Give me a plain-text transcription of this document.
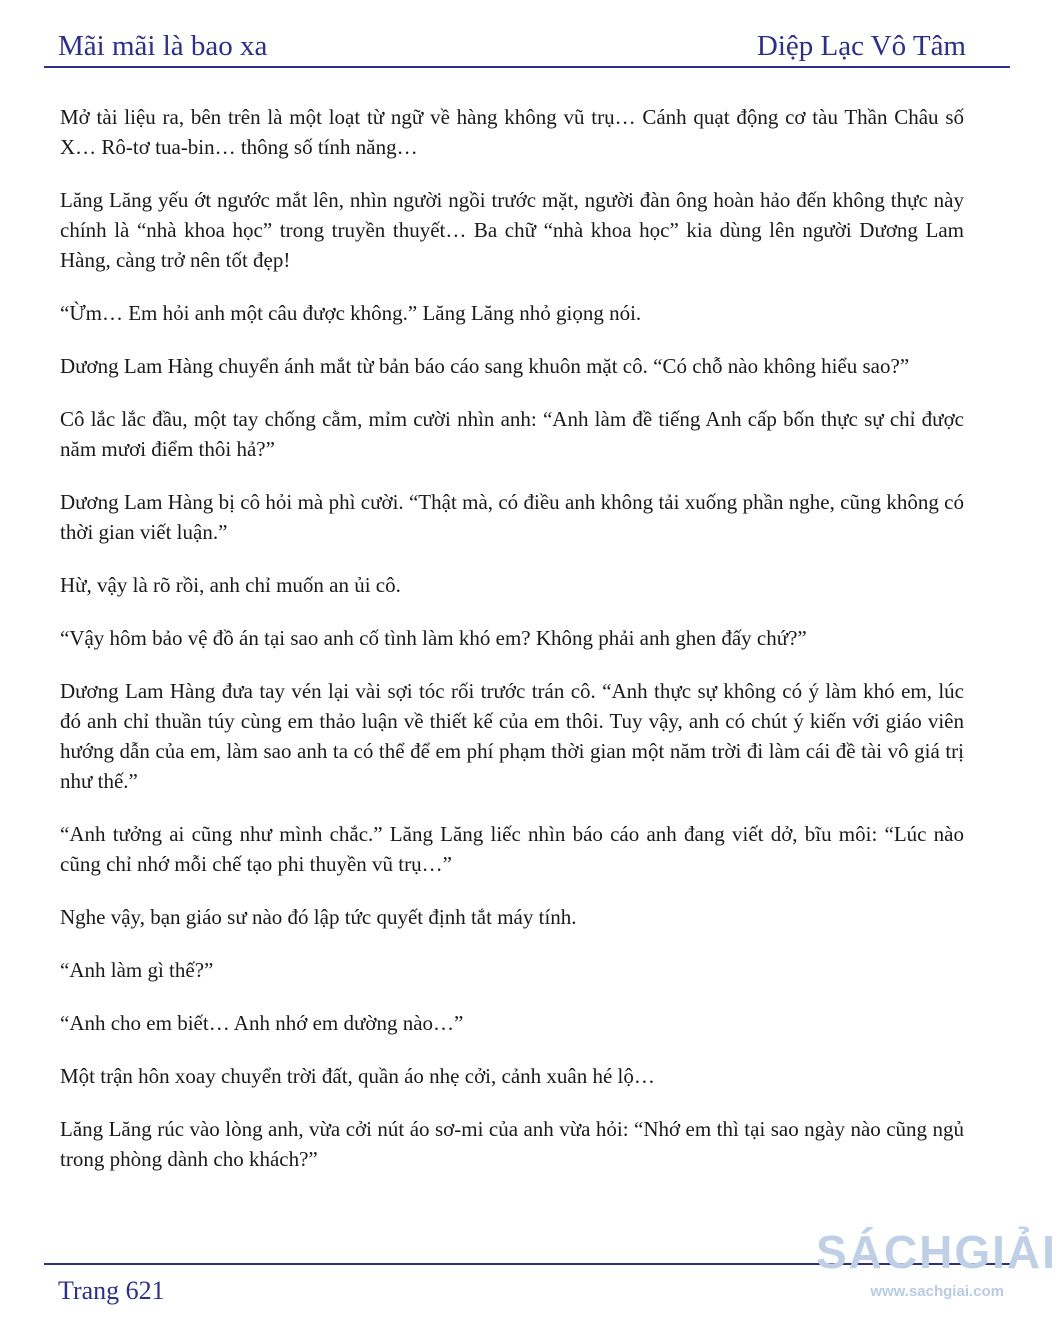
Mãi mãi là bao xa	Diệp Lạc Vô Tâm

Mở tài liệu ra, bên trên là một loạt từ ngữ về hàng không vũ trụ… Cánh quạt động cơ tàu Thần Châu số X… Rô-tơ tua-bin… thông số tính năng…

Lăng Lăng yếu ớt ngước mắt lên, nhìn người ngồi trước mặt, người đàn ông hoàn hảo đến không thực này chính là “nhà khoa học” trong truyền thuyết… Ba chữ “nhà khoa học” kia dùng lên người Dương Lam Hàng, càng trở nên tốt đẹp!

“Ừm… Em hỏi anh một câu được không.” Lăng Lăng nhỏ giọng nói.

Dương Lam Hàng chuyển ánh mắt từ bản báo cáo sang khuôn mặt cô. “Có chỗ nào không hiểu sao?”

Cô lắc lắc đầu, một tay chống cằm, mỉm cười nhìn anh: “Anh làm đề tiếng Anh cấp bốn thực sự chỉ được năm mươi điểm thôi hả?”

Dương Lam Hàng bị cô hỏi mà phì cười. “Thật mà, có điều anh không tải xuống phần nghe, cũng không có thời gian viết luận.”

Hừ, vậy là rõ rồi, anh chỉ muốn an ủi cô.

“Vậy hôm bảo vệ đồ án tại sao anh cố tình làm khó em? Không phải anh ghen đấy chứ?”

Dương Lam Hàng đưa tay vén lại vài sợi tóc rối trước trán cô. “Anh thực sự không có ý làm khó em, lúc đó anh chỉ thuần túy cùng em thảo luận về thiết kế của em thôi. Tuy vậy, anh có chút ý kiến với giáo viên hướng dẫn của em, làm sao anh ta có thể để em phí phạm thời gian một năm trời đi làm cái đề tài vô giá trị như thế.”

“Anh tưởng ai cũng như mình chắc.” Lăng Lăng liếc nhìn báo cáo anh đang viết dở, bĩu môi: “Lúc nào cũng chỉ nhớ mỗi chế tạo phi thuyền vũ trụ…”

Nghe vậy, bạn giáo sư nào đó lập tức quyết định tắt máy tính.

“Anh làm gì thế?”

“Anh cho em biết… Anh nhớ em dường nào…”

Một trận hôn xoay chuyển trời đất, quần áo nhẹ cởi, cảnh xuân hé lộ…

Lăng Lăng rúc vào lòng anh, vừa cởi nút áo sơ-mi của anh vừa hỏi: “Nhớ em thì tại sao ngày nào cũng ngủ trong phòng dành cho khách?”

Trang 621
SÁCHGIẢI
www.sachgiai.com
